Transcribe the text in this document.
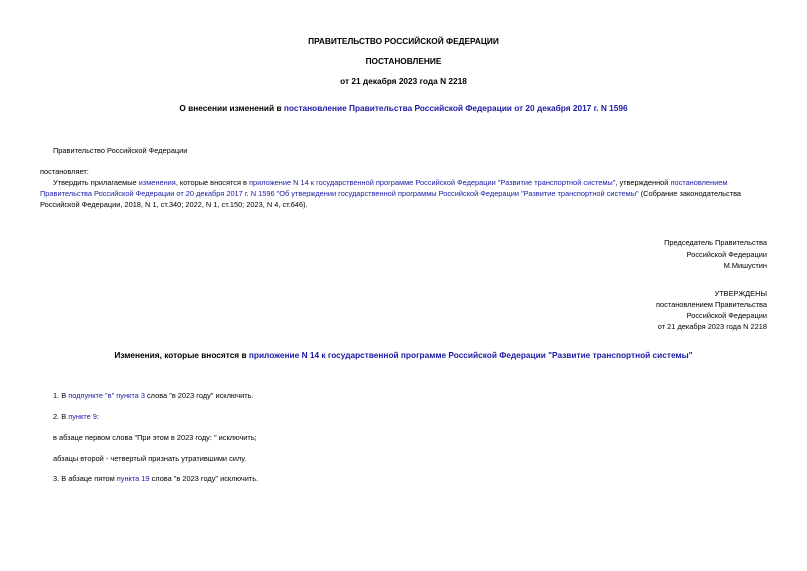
ПРАВИТЕЛЬСТВО РОССИЙСКОЙ ФЕДЕРАЦИИ
ПОСТАНОВЛЕНИЕ
от 21 декабря 2023 года N 2218
О внесении изменений в постановление Правительства Российской Федерации от 20 декабря 2017 г. N 1596
Правительство Российской Федерации
постановляет:
Утвердить прилагаемые изменения, которые вносятся в приложение N 14 к государственной программе Российской Федерации "Развитие транспортной системы", утвержденной постановлением Правительства Российской Федерации от 20 декабря 2017 г. N 1596 "Об утверждении государственной программы Российской Федерации "Развитие транспортной системы" (Собрание законодательства Российской Федерации, 2018, N 1, ст.340; 2022, N 1, ст.150; 2023, N 4, ст.646).
Председатель Правительства
Российской Федерации
М.Мишустин
УТВЕРЖДЕНЫ
постановлением Правительства
Российской Федерации
от 21 декабря 2023 года N 2218
Изменения, которые вносятся в приложение N 14 к государственной программе Российской Федерации "Развитие транспортной системы"
1. В подпункте "в" пункта 3 слова "в 2023 году" исключить.
2. В пункте 9:
в абзаце первом слова "При этом в 2023 году: " исключить;
абзацы второй - четвертый признать утратившими силу.
3. В абзаце пятом пункта 19 слова "в 2023 году" исключить.
